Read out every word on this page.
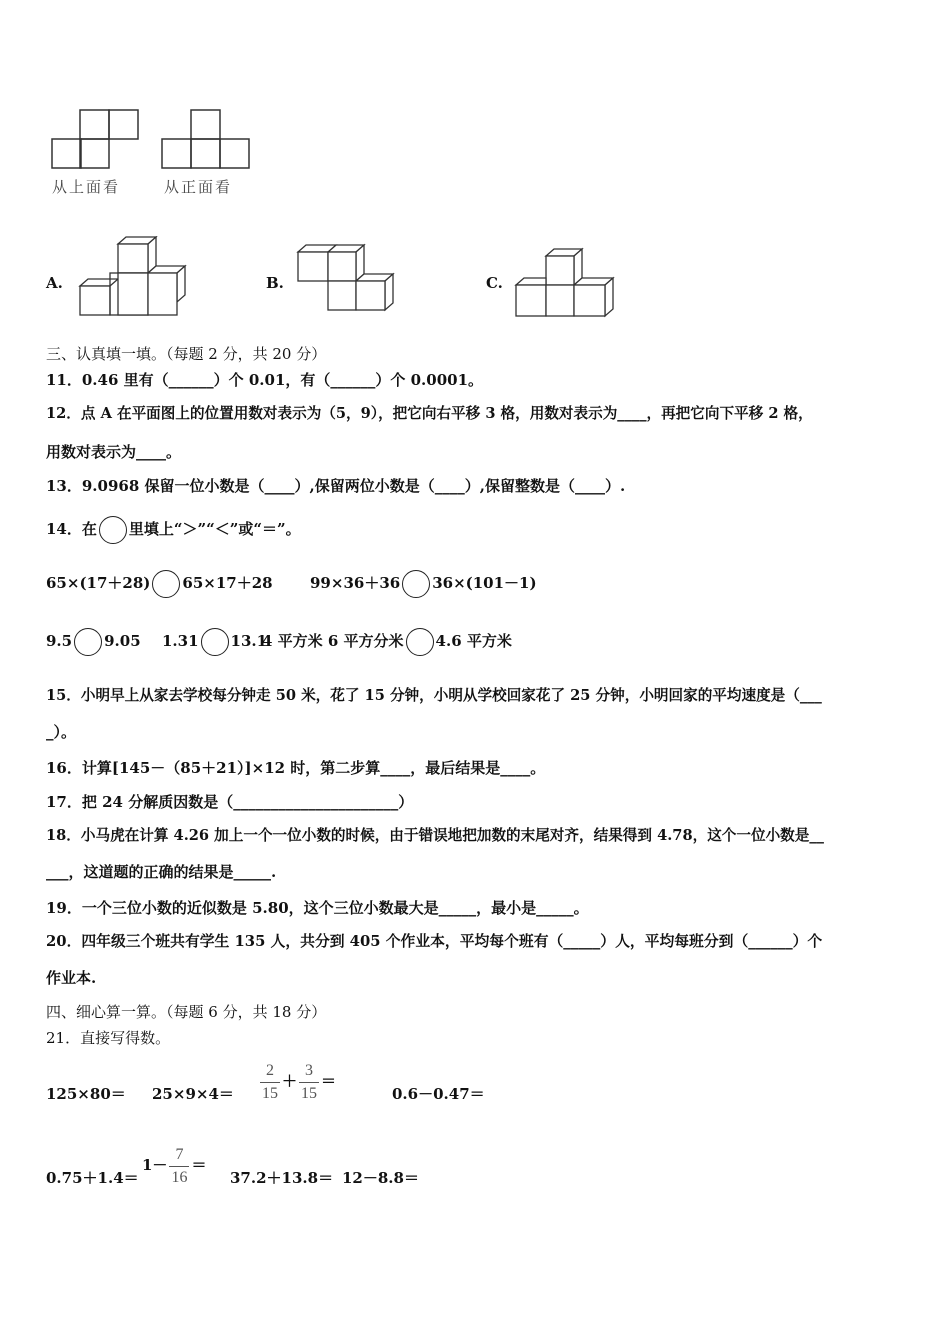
从上面看	从正面看
A.	B.	C.
三、认真填一填。（每题 2 分，共 20 分）
11．0.46 里有（______）个 0.01，有（______）个 0.0001。
12．点 A 在平面图上的位置用数对表示为（5，9），把它向右平移 3 格，用数对表示为____，再把它向下平移 2 格，
用数对表示为____。
13．9.0968 保留一位小数是（____）,保留两位小数是（____）,保留整数是（____）.
14．在 里填上“＞”“＜”或“＝”。
65×(17＋28) 65×17＋28 99×36＋36 36×(101－1)
9.5 9.05 1.31 13.1
4 平方米 6 平方分米 4.6 平方米
15．小明早上从家去学校每分钟走 50 米，花了 15 分钟，小明从学校回家花了 25 分钟，小明回家的平均速度是（___
_）。
16．计算[145－（85＋21）]×12 时，第二步算____，最后结果是____。
17．把 24 分解质因数是（______________________）
18．小马虎在计算 4.26 加上一个一位小数的时候，由于错误地把加数的末尾对齐，结果得到 4.78，这个一位小数是__
___，这道题的正确的结果是_____.
19．一个三位小数的近似数是 5.80，这个三位小数最大是_____，最小是_____。
20．四年级三个班共有学生 135 人，共分到 405 个作业本，平均每个班有（_____）人，平均每班分到（______）个
作业本.
四、细心算一算。（每题 6 分，共 18 分）
21．直接写得数。
$125\times 80= 25\times 9\times 4= \frac{2}{15} + \frac{3}{15}$ ＝
0.6－0.47＝
0.75＋1.4＝
$1- \frac{7}{16}$ ＝
37.2＋13.8＝ 12－8.8＝
